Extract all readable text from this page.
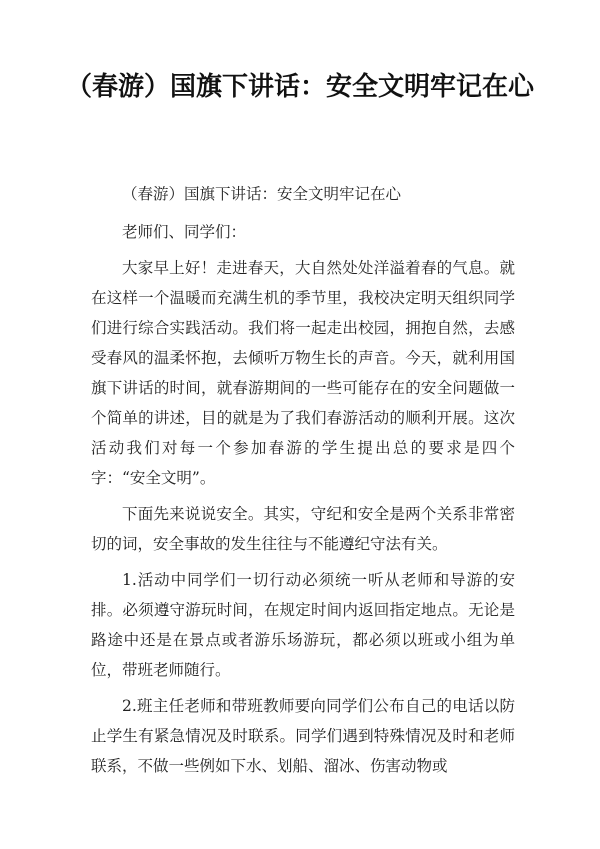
（春游）国旗下讲话：安全文明牢记在心

（春游）国旗下讲话：安全文明牢记在心

老师们、同学们：

大家早上好！走进春天，大自然处处洋溢着春的气息。就在这样一个温暖而充满生机的季节里，我校决定明天组织同学们进行综合实践活动。我们将一起走出校园，拥抱自然，去感受春风的温柔怀抱，去倾听万物生长的声音。今天，就利用国旗下讲话的时间，就春游期间的一些可能存在的安全问题做一个简单的讲述，目的就是为了我们春游活动的顺利开展。这次活动我们对每一个参加春游的学生提出总的要求是四个字：“安全文明”。

下面先来说说安全。其实，守纪和安全是两个关系非常密切的词，安全事故的发生往往与不能遵纪守法有关。

1.活动中同学们一切行动必须统一听从老师和导游的安排。必须遵守游玩时间，在规定时间内返回指定地点。无论是路途中还是在景点或者游乐场游玩，都必须以班或小组为单位，带班老师随行。

2.班主任老师和带班教师要向同学们公布自己的电话以防止学生有紧急情况及时联系。同学们遇到特殊情况及时和老师联系，不做一些例如下水、划船、溜冰、伤害动物或
